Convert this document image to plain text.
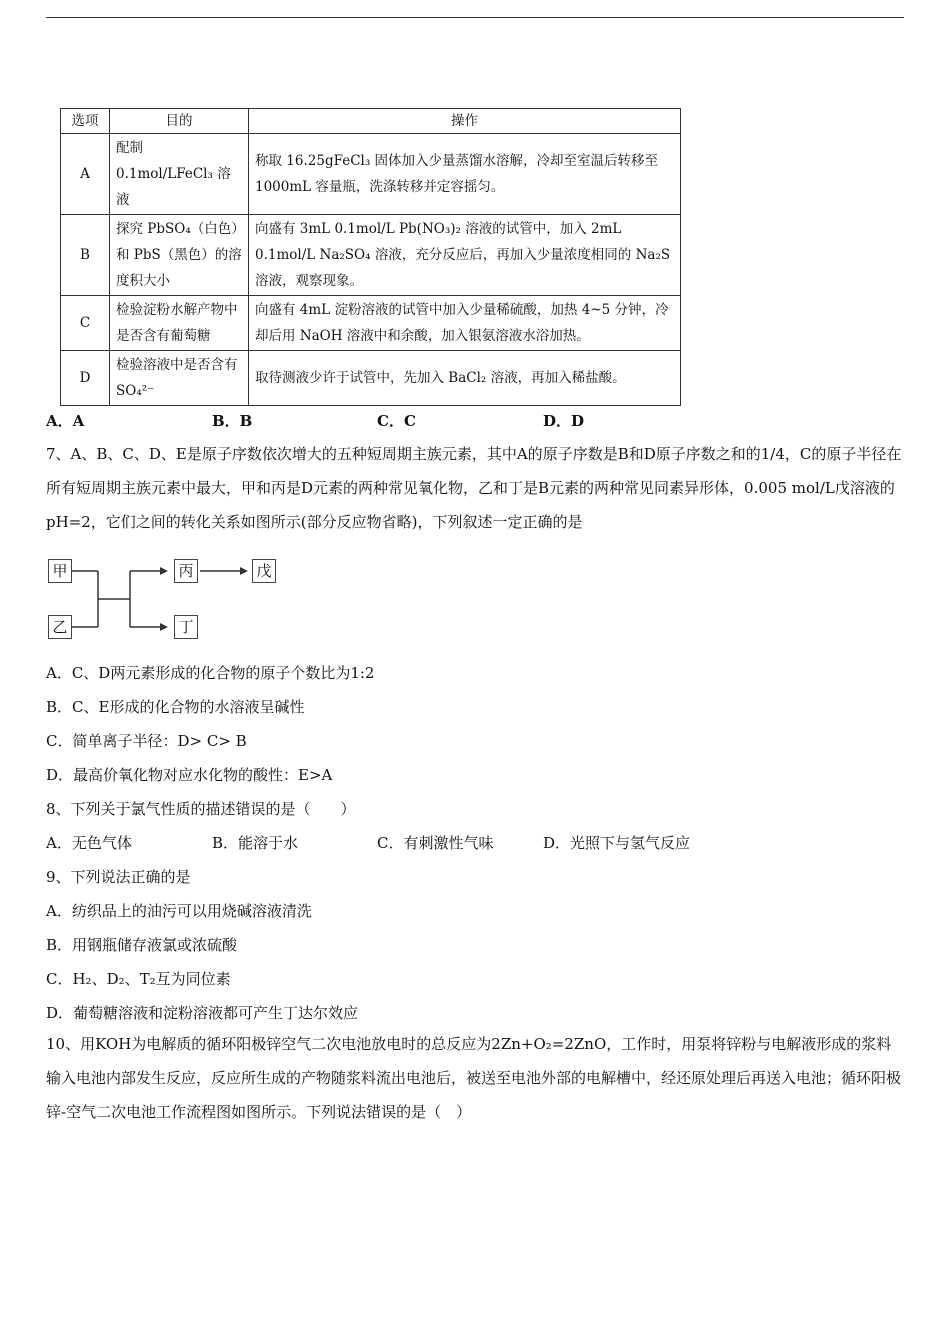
选项	目的	操作
A	配制 0.1mol/LFeCl₃ 溶液	称取 16.25gFeCl₃ 固体加入少量蒸馏水溶解，冷却至室温后转移至 1000mL 容量瓶，洗涤转移并定容摇匀。
B	探究 PbSO₄（白色）和 PbS（黑色）的溶度积大小	向盛有 3mL 0.1mol/L Pb(NO₃)₂ 溶液的试管中，加入 2mL 0.1mol/L Na₂SO₄ 溶液，充分反应后，再加入少量浓度相同的 Na₂S 溶液，观察现象。
C	检验淀粉水解产物中是否含有葡萄糖	向盛有 4mL 淀粉溶液的试管中加入少量稀硫酸，加热 4~5 分钟，冷却后用 NaOH 溶液中和余酸，加入银氨溶液水浴加热。
D	检验溶液中是否含有 SO₄²⁻	取待测液少许于试管中，先加入 BaCl₂ 溶液，再加入稀盐酸。
A．A	B．B	C．C	D．D
7、A、B、C、D、E是原子序数依次增大的五种短周期主族元素，其中A的原子序数是B和D原子序数之和的1/4，C的原子半径在所有短周期主族元素中最大，甲和丙是D元素的两种常见氧化物，乙和丁是B元素的两种常见同素异形体，0.005 mol/L戊溶液的pH=2，它们之间的转化关系如图所示(部分反应物省略)，下列叙述一定正确的是
甲
乙
丙	戊
丁
A．C、D两元素形成的化合物的原子个数比为1:2
B．C、E形成的化合物的水溶液呈碱性
C．简单离子半径：D> C> B
D．最高价氧化物对应水化物的酸性：E>A
8、下列关于氯气性质的描述错误的是（　　）
A．无色气体	B．能溶于水	C．有刺激性气味	D．光照下与氢气反应
9、下列说法正确的是
A．纺织品上的油污可以用烧碱溶液清洗
B．用钢瓶储存液氯或浓硫酸
C．H₂、D₂、T₂互为同位素
D．葡萄糖溶液和淀粉溶液都可产生丁达尔效应
10、用KOH为电解质的循环阳极锌空气二次电池放电时的总反应为2Zn+O₂=2ZnO，工作时，用泵将锌粉与电解液形成的浆料输入电池内部发生反应，反应所生成的产物随浆料流出电池后，被送至电池外部的电解槽中，经还原处理后再送入电池；循环阳极锌-空气二次电池工作流程图如图所示。下列说法错误的是（　）
